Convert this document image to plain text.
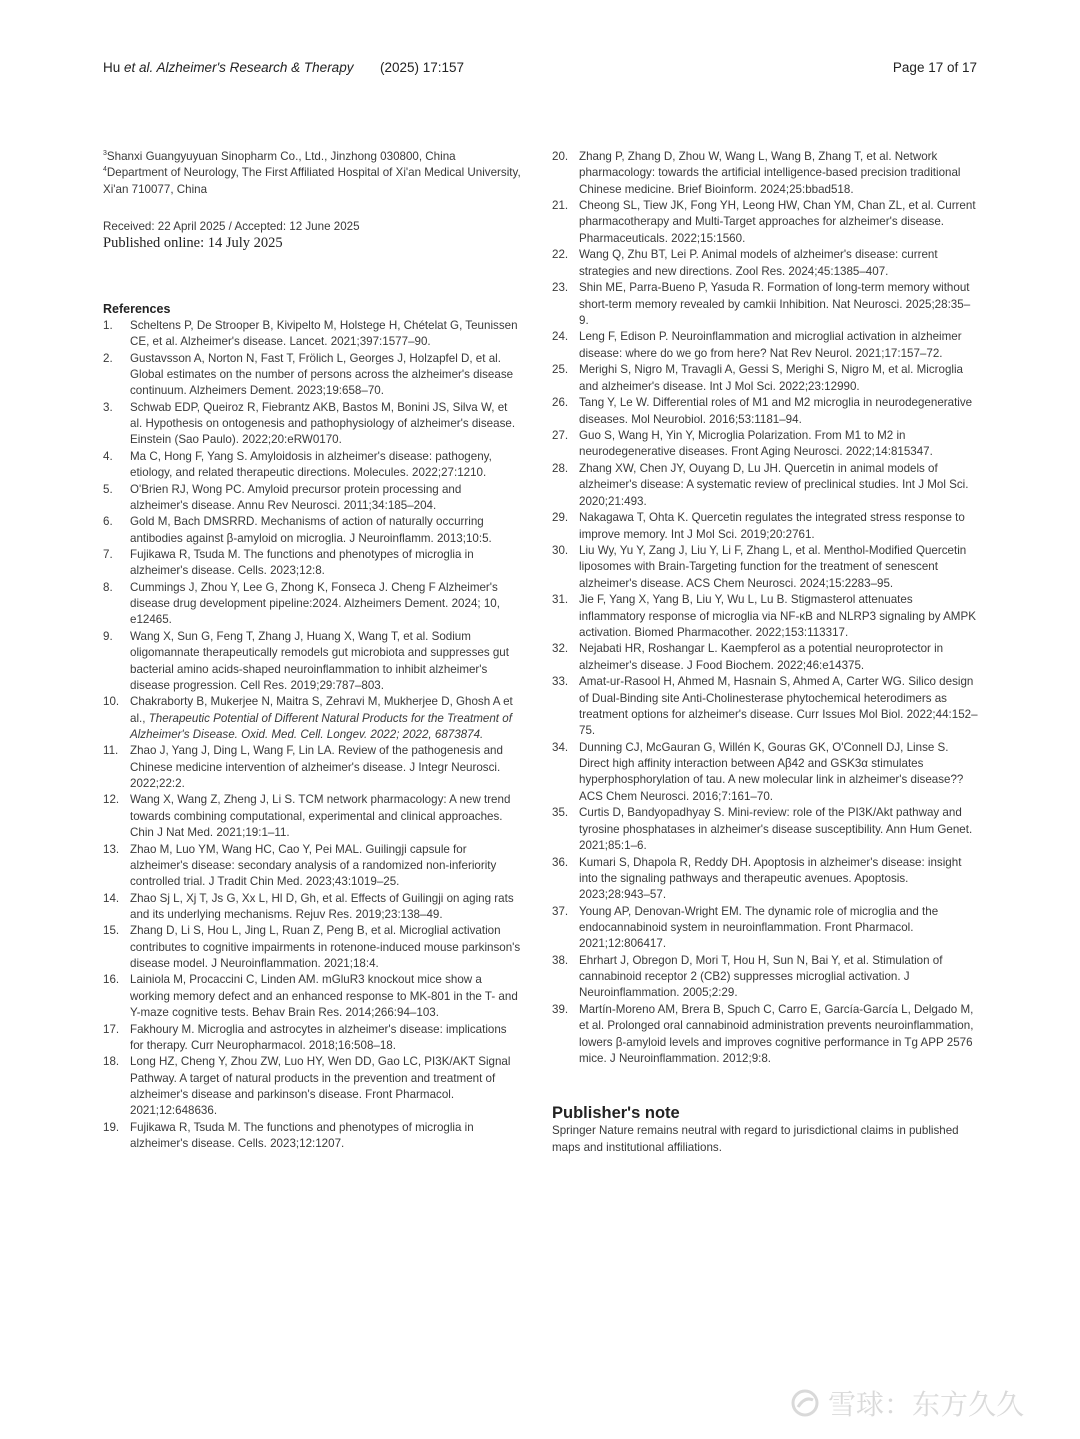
Hu et al. Alzheimer's Research & Therapy (2025) 17:157	Page 17 of 17

$^3$Shanxi Guangyuyuan Sinopharm Co., Ltd., Jinzhong 030800, China

$^4$Department of Neurology, The First Affiliated Hospital of Xi'an Medical University, Xi'an 710077, China

Received: 22 April 2025 / Accepted: 12 June 2025
Published online: 14 July 2025
References
1. Scheltens P, De Strooper B, Kivipelto M, Holstege H, Chételat G, Teunissen CE, et al. Alzheimer's disease. Lancet. 2021;397:1577–90.
2. Gustavsson A, Norton N, Fast T, Frölich L, Georges J, Holzapfel D, et al. Global estimates on the number of persons across the alzheimer's disease continuum. Alzheimers Dement. 2023;19:658–70.
3. Schwab EDP, Queiroz R, Fiebrantz AKB, Bastos M, Bonini JS, Silva W, et al. Hypothesis on ontogenesis and pathophysiology of alzheimer's disease. Einstein (Sao Paulo). 2022;20:eRW0170.
4. Ma C, Hong F, Yang S. Amyloidosis in alzheimer's disease: pathogeny, etiology, and related therapeutic directions. Molecules. 2022;27:1210.
5. O'Brien RJ, Wong PC. Amyloid precursor protein processing and alzheimer's disease. Annu Rev Neurosci. 2011;34:185–204.
6. Gold M, Bach DMSRRD. Mechanisms of action of naturally occurring antibodies against β-amyloid on microglia. J Neuroinflamm. 2013;10:5.
7. Fujikawa R, Tsuda M. The functions and phenotypes of microglia in alzheimer's disease. Cells. 2023;12:8.
8. Cummings J, Zhou Y, Lee G, Zhong K, Fonseca J. Cheng F Alzheimer's disease drug development pipeline:2024. Alzheimers Dement. 2024; 10, e12465.
9. Wang X, Sun G, Feng T, Zhang J, Huang X, Wang T, et al. Sodium oligomannate therapeutically remodels gut microbiota and suppresses gut bacterial amino acids-shaped neuroinflammation to inhibit alzheimer's disease progression. Cell Res. 2019;29:787–803.
10. Chakraborty B, Mukerjee N, Maitra S, Zehravi M, Mukherjee D, Ghosh A et al., Therapeutic Potential of Different Natural Products for the Treatment of Alzheimer's Disease. Oxid. Med. Cell. Longev. 2022; 2022, 6873874.
11. Zhao J, Yang J, Ding L, Wang F, Lin LA. Review of the pathogenesis and Chinese medicine intervention of alzheimer's disease. J Integr Neurosci. 2022;22:2.
12. Wang X, Wang Z, Zheng J, Li S. TCM network pharmacology: A new trend towards combining computational, experimental and clinical approaches. Chin J Nat Med. 2021;19:1–11.
13. Zhao M, Luo YM, Wang HC, Cao Y, Pei MAL. Guilingji capsule for alzheimer's disease: secondary analysis of a randomized non-inferiority controlled trial. J Tradit Chin Med. 2023;43:1019–25.
14. Zhao Sj L, Xj T, Js G, Xx L, Hl D, Gh, et al. Effects of Guilingji on aging rats and its underlying mechanisms. Rejuv Res. 2019;23:138–49.
15. Zhang D, Li S, Hou L, Jing L, Ruan Z, Peng B, et al. Microglial activation contributes to cognitive impairments in rotenone-induced mouse parkinson's disease model. J Neuroinflammation. 2021;18:4.
16. Lainiola M, Procaccini C, Linden AM. mGluR3 knockout mice show a working memory defect and an enhanced response to MK-801 in the T- and Y-maze cognitive tests. Behav Brain Res. 2014;266:94–103.
17. Fakhoury M. Microglia and astrocytes in alzheimer's disease: implications for therapy. Curr Neuropharmacol. 2018;16:508–18.
18. Long HZ, Cheng Y, Zhou ZW, Luo HY, Wen DD, Gao LC, PI3K/AKT Signal Pathway. A target of natural products in the prevention and treatment of alzheimer's disease and parkinson's disease. Front Pharmacol. 2021;12:648636.
19. Fujikawa R, Tsuda M. The functions and phenotypes of microglia in alzheimer's disease. Cells. 2023;12:1207.
20. Zhang P, Zhang D, Zhou W, Wang L, Wang B, Zhang T, et al. Network pharmacology: towards the artificial intelligence-based precision traditional Chinese medicine. Brief Bioinform. 2024;25:bbad518.
21. Cheong SL, Tiew JK, Fong YH, Leong HW, Chan YM, Chan ZL, et al. Current pharmacotherapy and Multi-Target approaches for alzheimer's disease. Pharmaceuticals. 2022;15:1560.
22. Wang Q, Zhu BT, Lei P. Animal models of alzheimer's disease: current strategies and new directions. Zool Res. 2024;45:1385–407.
23. Shin ME, Parra-Bueno P, Yasuda R. Formation of long-term memory without short-term memory revealed by camkii Inhibition. Nat Neurosci. 2025;28:35–9.
24. Leng F, Edison P. Neuroinflammation and microglial activation in alzheimer disease: where do we go from here? Nat Rev Neurol. 2021;17:157–72.
25. Merighi S, Nigro M, Travagli A, Gessi S, Merighi S, Nigro M, et al. Microglia and alzheimer's disease. Int J Mol Sci. 2022;23:12990.
26. Tang Y, Le W. Differential roles of M1 and M2 microglia in neurodegenerative diseases. Mol Neurobiol. 2016;53:1181–94.
27. Guo S, Wang H, Yin Y, Microglia Polarization. From M1 to M2 in neurodegenerative diseases. Front Aging Neurosci. 2022;14:815347.
28. Zhang XW, Chen JY, Ouyang D, Lu JH. Quercetin in animal models of alzheimer's disease: A systematic review of preclinical studies. Int J Mol Sci. 2020;21:493.
29. Nakagawa T, Ohta K. Quercetin regulates the integrated stress response to improve memory. Int J Mol Sci. 2019;20:2761.
30. Liu Wy, Yu Y, Zang J, Liu Y, Li F, Zhang L, et al. Menthol-Modified Quercetin liposomes with Brain-Targeting function for the treatment of senescent alzheimer's disease. ACS Chem Neurosci. 2024;15:2283–95.
31. Jie F, Yang X, Yang B, Liu Y, Wu L, Lu B. Stigmasterol attenuates inflammatory response of microglia via NF-κB and NLRP3 signaling by AMPK activation. Biomed Pharmacother. 2022;153:113317.
32. Nejabati HR, Roshangar L. Kaempferol as a potential neuroprotector in alzheimer's disease. J Food Biochem. 2022;46:e14375.
33. Amat-ur-Rasool H, Ahmed M, Hasnain S, Ahmed A, Carter WG. Silico design of Dual-Binding site Anti-Cholinesterase phytochemical heterodimers as treatment options for alzheimer's disease. Curr Issues Mol Biol. 2022;44:152–75.
34. Dunning CJ, McGauran G, Willén K, Gouras GK, O'Connell DJ, Linse S. Direct high affinity interaction between Aβ42 and GSK3α stimulates hyperphosphorylation of tau. A new molecular link in alzheimer's disease?? ACS Chem Neurosci. 2016;7:161–70.
35. Curtis D, Bandyopadhyay S. Mini-review: role of the PI3K/Akt pathway and tyrosine phosphatases in alzheimer's disease susceptibility. Ann Hum Genet. 2021;85:1–6.
36. Kumari S, Dhapola R, Reddy DH. Apoptosis in alzheimer's disease: insight into the signaling pathways and therapeutic avenues. Apoptosis. 2023;28:943–57.
37. Young AP, Denovan-Wright EM. The dynamic role of microglia and the endocannabinoid system in neuroinflammation. Front Pharmacol. 2021;12:806417.
38. Ehrhart J, Obregon D, Mori T, Hou H, Sun N, Bai Y, et al. Stimulation of cannabinoid receptor 2 (CB2) suppresses microglial activation. J Neuroinflammation. 2005;2:29.
39. Martín-Moreno AM, Brera B, Spuch C, Carro E, García-García L, Delgado M, et al. Prolonged oral cannabinoid administration prevents neuroinflammation, lowers β-amyloid levels and improves cognitive performance in Tg APP 2576 mice. J Neuroinflammation. 2012;9:8.
Publisher's note

Springer Nature remains neutral with regard to jurisdictional claims in published maps and institutional affiliations.

雪球：东方久久
